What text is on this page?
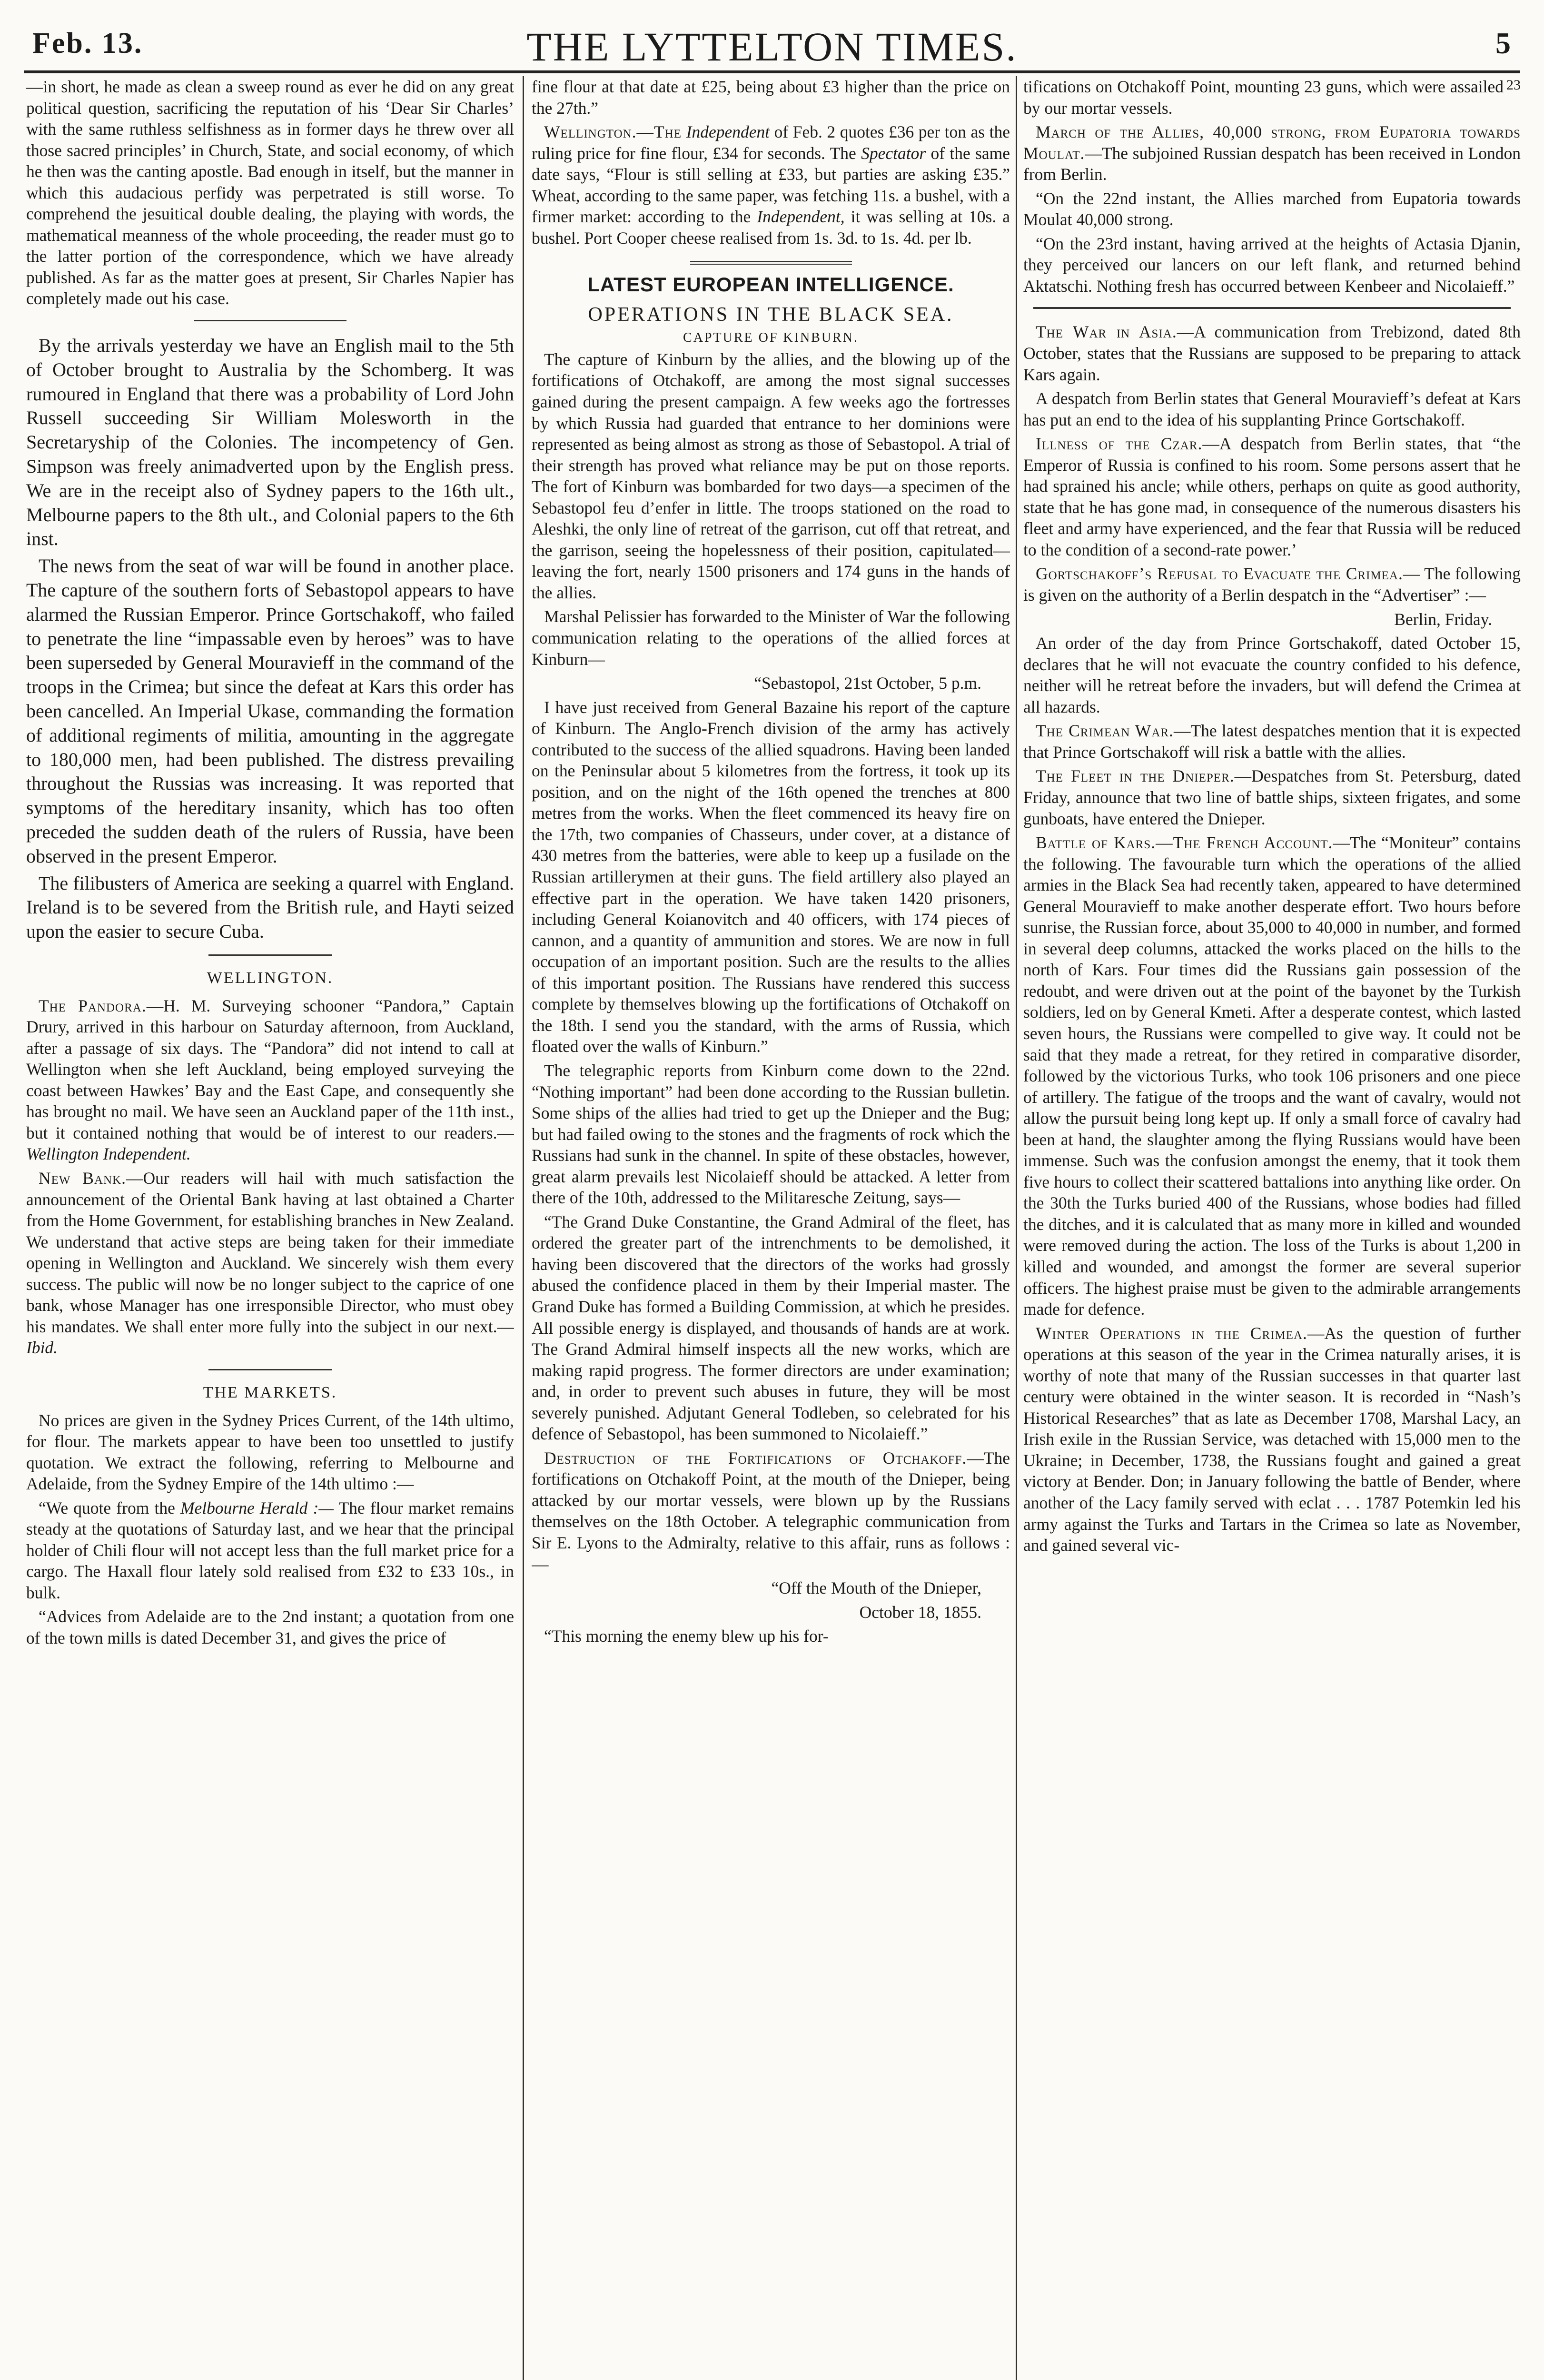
Feb. 13.	THE LYTTELTON TIMES.	5

—in short, he made as clean a sweep round as ever he did on any great political question, sacrificing the reputation of his ‘Dear Sir Charles’ with the same ruthless selfishness as in former days he threw over all those sacred principles’ in Church, State, and social economy, of which he then was the canting apostle. Bad enough in itself, but the manner in which this audacious perfidy was perpetrated is still worse. To comprehend the jesuitical double dealing, the playing with words, the mathematical meanness of the whole proceeding, the reader must go to the latter portion of the correspondence, which we have already published. As far as the matter goes at present, Sir Charles Napier has completely made out his case.

By the arrivals yesterday we have an English mail to the 5th of October brought to Australia by the Schomberg. It was rumoured in England that there was a probability of Lord John Russell succeeding Sir William Molesworth in the Secretaryship of the Colonies. The incompetency of Gen. Simpson was freely animadverted upon by the English press. We are in the receipt also of Sydney papers to the 16th ult., Melbourne papers to the 8th ult., and Colonial papers to the 6th inst.

The news from the seat of war will be found in another place. The capture of the southern forts of Sebastopol appears to have alarmed the Russian Emperor. Prince Gortschakoff, who failed to penetrate the line “impassable even by heroes” was to have been superseded by General Mouravieff in the command of the troops in the Crimea; but since the defeat at Kars this order has been cancelled. An Imperial Ukase, commanding the formation of additional regiments of militia, amounting in the aggregate to 180,000 men, had been published. The distress prevailing throughout the Russias was increasing. It was reported that symptoms of the hereditary insanity, which has too often preceded the sudden death of the rulers of Russia, have been observed in the present Emperor.

The filibusters of America are seeking a quarrel with England. Ireland is to be severed from the British rule, and Hayti seized upon the easier to secure Cuba.

WELLINGTON.

The Pandora.—H. M. Surveying schooner “Pandora,” Captain Drury, arrived in this harbour on Saturday afternoon, from Auckland, after a passage of six days. The “Pandora” did not intend to call at Wellington when she left Auckland, being employed surveying the coast between Hawkes’ Bay and the East Cape, and consequently she has brought no mail. We have seen an Auckland paper of the 11th inst., but it contained nothing that would be of interest to our readers.—Wellington Independent.

New Bank.—Our readers will hail with much satisfaction the announcement of the Oriental Bank having at last obtained a Charter from the Home Government, for establishing branches in New Zealand. We understand that active steps are being taken for their immediate opening in Wellington and Auckland. We sincerely wish them every success. The public will now be no longer subject to the caprice of one bank, whose Manager has one irresponsible Director, who must obey his mandates. We shall enter more fully into the subject in our next.—Ibid.

THE MARKETS.

No prices are given in the Sydney Prices Current, of the 14th ultimo, for flour. The markets appear to have been too unsettled to justify quotation. We extract the following, referring to Melbourne and Adelaide, from the Sydney Empire of the 14th ultimo :—

“We quote from the Melbourne Herald :— The flour market remains steady at the quotations of Saturday last, and we hear that the principal holder of Chili flour will not accept less than the full market price for a cargo. The Haxall flour lately sold realised from £32 to £33 10s., in bulk.

“Advices from Adelaide are to the 2nd instant; a quotation from one of the town mills is dated December 31, and gives the price of

fine flour at that date at £25, being about £3 higher than the price on the 27th.”

Wellington.—The Independent of Feb. 2 quotes £36 per ton as the ruling price for fine flour, £34 for seconds. The Spectator of the same date says, “Flour is still selling at £33, but parties are asking £35.” Wheat, according to the same paper, was fetching 11s. a bushel, with a firmer market: according to the Independent, it was selling at 10s. a bushel. Port Cooper cheese realised from 1s. 3d. to 1s. 4d. per lb.

LATEST EUROPEAN INTELLIGENCE.
OPERATIONS IN THE BLACK SEA.
CAPTURE OF KINBURN.

The capture of Kinburn by the allies, and the blowing up of the fortifications of Otchakoff, are among the most signal successes gained during the present campaign. A few weeks ago the fortresses by which Russia had guarded that entrance to her dominions were represented as being almost as strong as those of Sebastopol. A trial of their strength has proved what reliance may be put on those reports. The fort of Kinburn was bombarded for two days—a specimen of the Sebastopol feu d’enfer in little. The troops stationed on the road to Aleshki, the only line of retreat of the garrison, cut off that retreat, and the garrison, seeing the hopelessness of their position, capitulated—leaving the fort, nearly 1500 prisoners and 174 guns in the hands of the allies.

Marshal Pelissier has forwarded to the Minister of War the following communication relating to the operations of the allied forces at Kinburn—

“Sebastopol, 21st October, 5 p.m.

I have just received from General Bazaine his report of the capture of Kinburn. The Anglo-French division of the army has actively contributed to the success of the allied squadrons. Having been landed on the Peninsular about 5 kilometres from the fortress, it took up its position, and on the night of the 16th opened the trenches at 800 metres from the works. When the fleet commenced its heavy fire on the 17th, two companies of Chasseurs, under cover, at a distance of 430 metres from the batteries, were able to keep up a fusilade on the Russian artillerymen at their guns. The field artillery also played an effective part in the operation. We have taken 1420 prisoners, including General Koianovitch and 40 officers, with 174 pieces of cannon, and a quantity of ammunition and stores. We are now in full occupation of an important position. Such are the results to the allies of this important position. The Russians have rendered this success complete by themselves blowing up the fortifications of Otchakoff on the 18th. I send you the standard, with the arms of Russia, which floated over the walls of Kinburn.”

The telegraphic reports from Kinburn come down to the 22nd. “Nothing important” had been done according to the Russian bulletin. Some ships of the allies had tried to get up the Dnieper and the Bug; but had failed owing to the stones and the fragments of rock which the Russians had sunk in the channel. In spite of these obstacles, however, great alarm prevails lest Nicolaieff should be attacked. A letter from there of the 10th, addressed to the Militaresche Zeitung, says—

“The Grand Duke Constantine, the Grand Admiral of the fleet, has ordered the greater part of the intrenchments to be demolished, it having been discovered that the directors of the works had grossly abused the confidence placed in them by their Imperial master. The Grand Duke has formed a Building Commission, at which he presides. All possible energy is displayed, and thousands of hands are at work. The Grand Admiral himself inspects all the new works, which are making rapid progress. The former directors are under examination; and, in order to prevent such abuses in future, they will be most severely punished. Adjutant General Todleben, so celebrated for his defence of Sebastopol, has been summoned to Nicolaieff.”

Destruction of the Fortifications of Otchakoff.—The fortifications on Otchakoff Point, at the mouth of the Dnieper, being attacked by our mortar vessels, were blown up by the Russians themselves on the 18th October. A telegraphic communication from Sir E. Lyons to the Admiralty, relative to this affair, runs as follows :—

“Off the Mouth of the Dnieper,

October 18, 1855.

“This morning the enemy blew up his for-

23
tifications on Otchakoff Point, mounting 23 guns, which were assailed by our mortar vessels.

March of the Allies, 40,000 strong, from Eupatoria towards Moulat.—The subjoined Russian despatch has been received in London from Berlin.

“On the 22nd instant, the Allies marched from Eupatoria towards Moulat 40,000 strong.

“On the 23rd instant, having arrived at the heights of Actasia Djanin, they perceived our lancers on our left flank, and returned behind Aktatschi. Nothing fresh has occurred between Kenbeer and Nicolaieff.”

The War in Asia.—A communication from Trebizond, dated 8th October, states that the Russians are supposed to be preparing to attack Kars again.

A despatch from Berlin states that General Mouravieff’s defeat at Kars has put an end to the idea of his supplanting Prince Gortschakoff.

Illness of the Czar.—A despatch from Berlin states, that “the Emperor of Russia is confined to his room. Some persons assert that he had sprained his ancle; while others, perhaps on quite as good authority, state that he has gone mad, in consequence of the numerous disasters his fleet and army have experienced, and the fear that Russia will be reduced to the condition of a second-rate power.’

Gortschakoff’s Refusal to Evacuate the Crimea.— The following is given on the authority of a Berlin despatch in the “Advertiser” :—

Berlin, Friday.

An order of the day from Prince Gortschakoff, dated October 15, declares that he will not evacuate the country confided to his defence, neither will he retreat before the invaders, but will defend the Crimea at all hazards.

The Crimean War.—The latest despatches mention that it is expected that Prince Gortschakoff will risk a battle with the allies.

The Fleet in the Dnieper.—Despatches from St. Petersburg, dated Friday, announce that two line of battle ships, sixteen frigates, and some gunboats, have entered the Dnieper.

Battle of Kars.—The French Account.—The “Moniteur” contains the following. The favourable turn which the operations of the allied armies in the Black Sea had recently taken, appeared to have determined General Mouravieff to make another desperate effort. Two hours before sunrise, the Russian force, about 35,000 to 40,000 in number, and formed in several deep columns, attacked the works placed on the hills to the north of Kars. Four times did the Russians gain possession of the redoubt, and were driven out at the point of the bayonet by the Turkish soldiers, led on by General Kmeti. After a desperate contest, which lasted seven hours, the Russians were compelled to give way. It could not be said that they made a retreat, for they retired in comparative disorder, followed by the victorious Turks, who took 106 prisoners and one piece of artillery. The fatigue of the troops and the want of cavalry, would not allow the pursuit being long kept up. If only a small force of cavalry had been at hand, the slaughter among the flying Russians would have been immense. Such was the confusion amongst the enemy, that it took them five hours to collect their scattered battalions into anything like order. On the 30th the Turks buried 400 of the Russians, whose bodies had filled the ditches, and it is calculated that as many more in killed and wounded were removed during the action. The loss of the Turks is about 1,200 in killed and wounded, and amongst the former are several superior officers. The highest praise must be given to the admirable arrangements made for defence.

Winter Operations in the Crimea.—As the question of further operations at this season of the year in the Crimea naturally arises, it is worthy of note that many of the Russian successes in that quarter last century were obtained in the winter season. It is recorded in “Nash’s Historical Researches” that as late as December 1708, Marshal Lacy, an Irish exile in the Russian Service, was detached with 15,000 men to the Ukraine; in December, 1738, the Russians fought and gained a great victory at Bender. Don; in January following the battle of Bender, where another of the Lacy family served with eclat . . . 1787 Potemkin led his army against the Turks and Tartars in the Crimea so late as November, and gained several vic-
